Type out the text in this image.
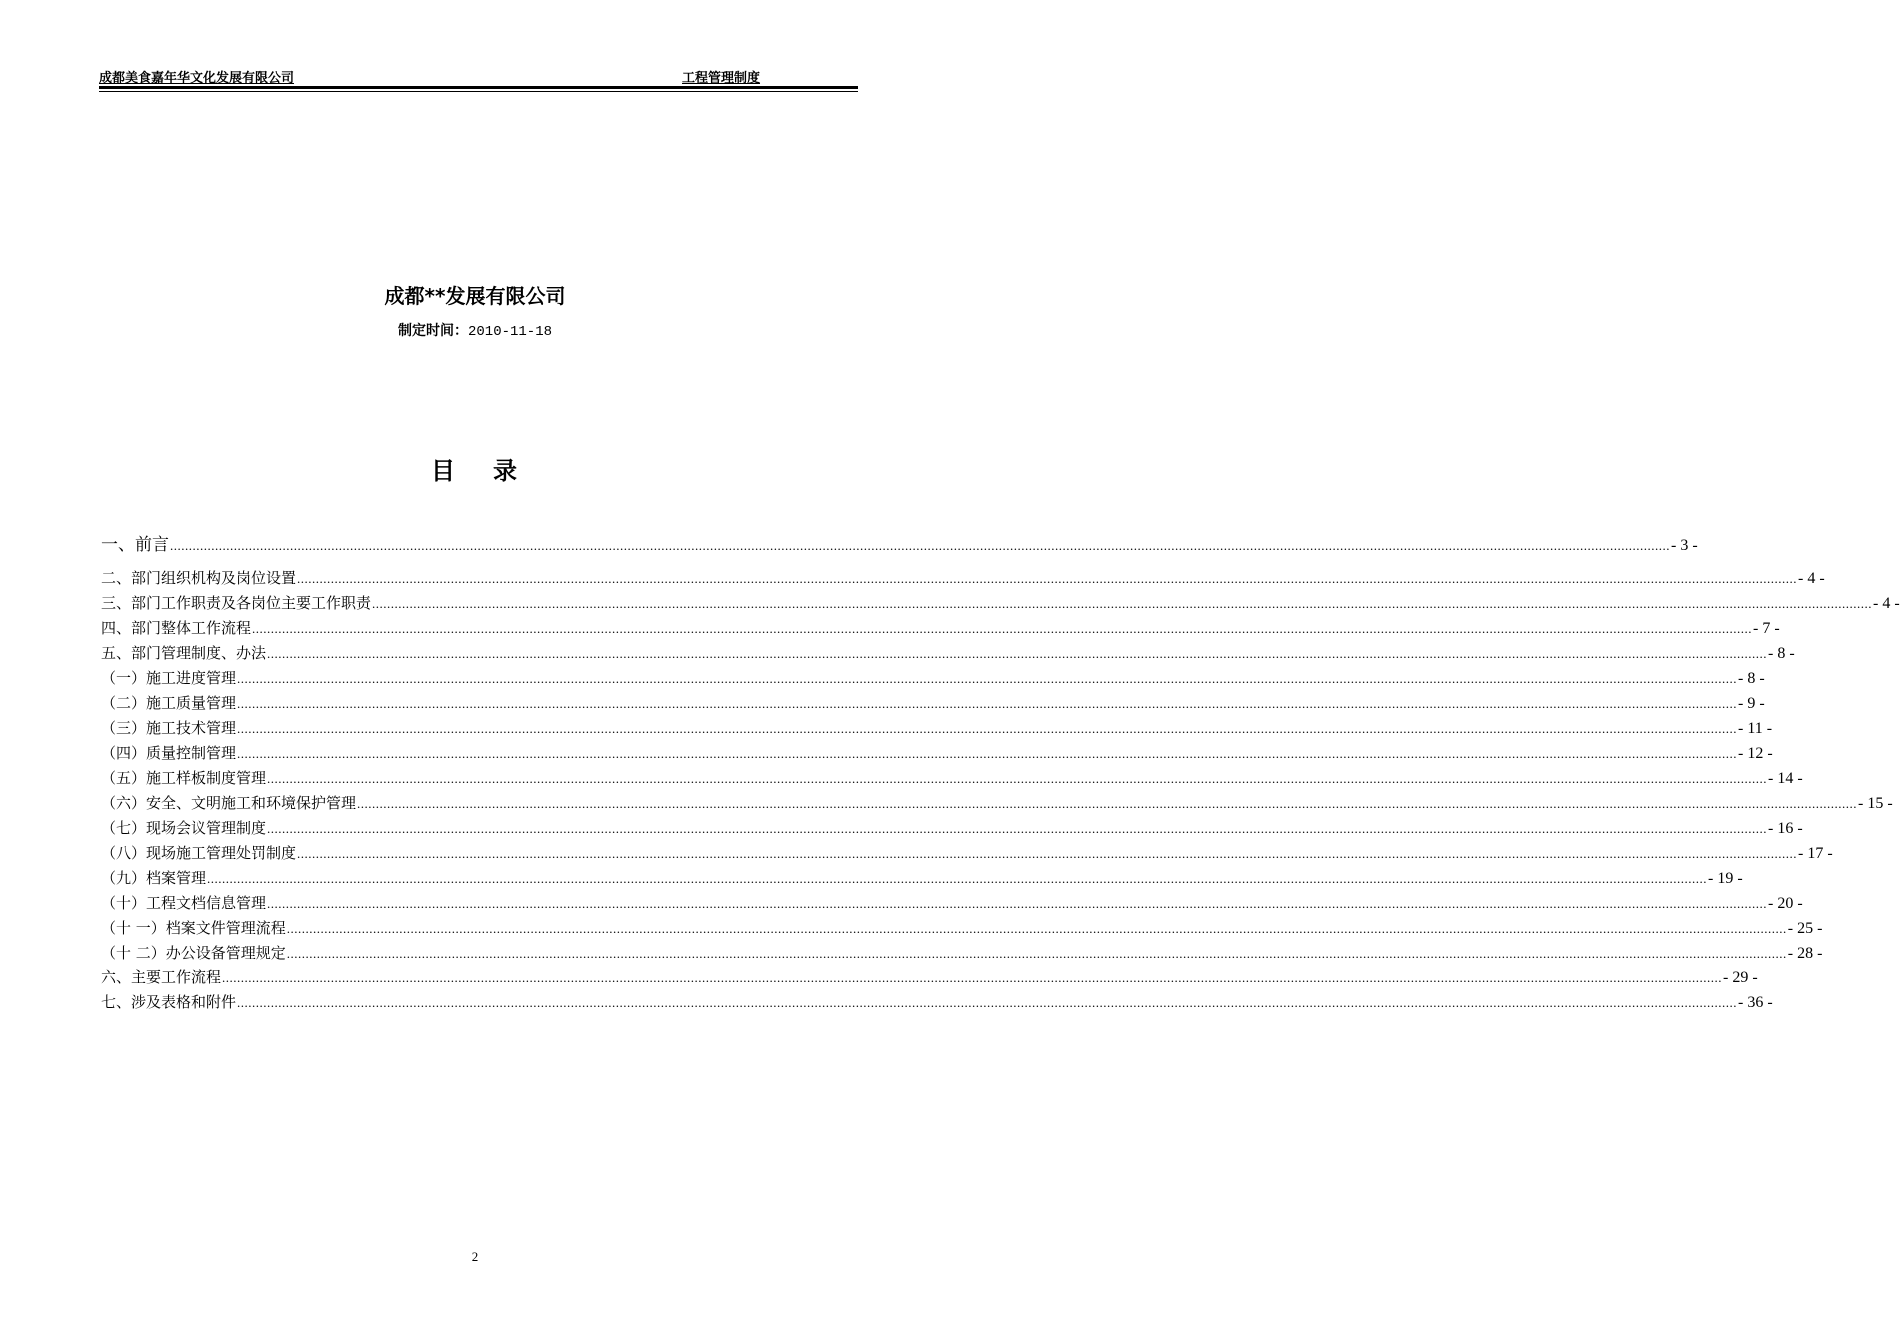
成都美食嘉年华文化发展有限公司	工程管理制度
成都**发展有限公司
制定时间：2010-11-18
目 录
一、前言 ................................................................................................................................................................................................................................................................................................................................................................................................................ - 3 -
二、部门组织机构及岗位设置 ................................................................................................................................................................................................................................................................................................................................................................................................................ - 4 -
三、部门工作职责及各岗位主要工作职责 ................................................................................................................................................................................................................................................................................................................................................................................................................ - 4 -
四、部门整体工作流程 ................................................................................................................................................................................................................................................................................................................................................................................................................ - 7 -
五、部门管理制度、办法 ................................................................................................................................................................................................................................................................................................................................................................................................................ - 8 -
（一）施工进度管理 ................................................................................................................................................................................................................................................................................................................................................................................................................ - 8 -
（二）施工质量管理 ................................................................................................................................................................................................................................................................................................................................................................................................................ - 9 -
（三）施工技术管理 ................................................................................................................................................................................................................................................................................................................................................................................................................ - 11 -
（四）质量控制管理 ................................................................................................................................................................................................................................................................................................................................................................................................................ - 12 -
（五）施工样板制度管理 ................................................................................................................................................................................................................................................................................................................................................................................................................ - 14 -
（六）安全、文明施工和环境保护管理 ................................................................................................................................................................................................................................................................................................................................................................................................................ - 15 -
（七）现场会议管理制度 ................................................................................................................................................................................................................................................................................................................................................................................................................ - 16 -
（八）现场施工管理处罚制度 ................................................................................................................................................................................................................................................................................................................................................................................................................ - 17 -
（九）档案管理 ................................................................................................................................................................................................................................................................................................................................................................................................................ - 19 -
（十）工程文档信息管理 ................................................................................................................................................................................................................................................................................................................................................................................................................ - 20 -
（十 一）档案文件管理流程 ................................................................................................................................................................................................................................................................................................................................................................................................................ - 25 -
（十 二）办公设备管理规定 ................................................................................................................................................................................................................................................................................................................................................................................................................ - 28 -
六、主要工作流程 ................................................................................................................................................................................................................................................................................................................................................................................................................ - 29 -
七、涉及表格和附件 ................................................................................................................................................................................................................................................................................................................................................................................................................ - 36 -
2
